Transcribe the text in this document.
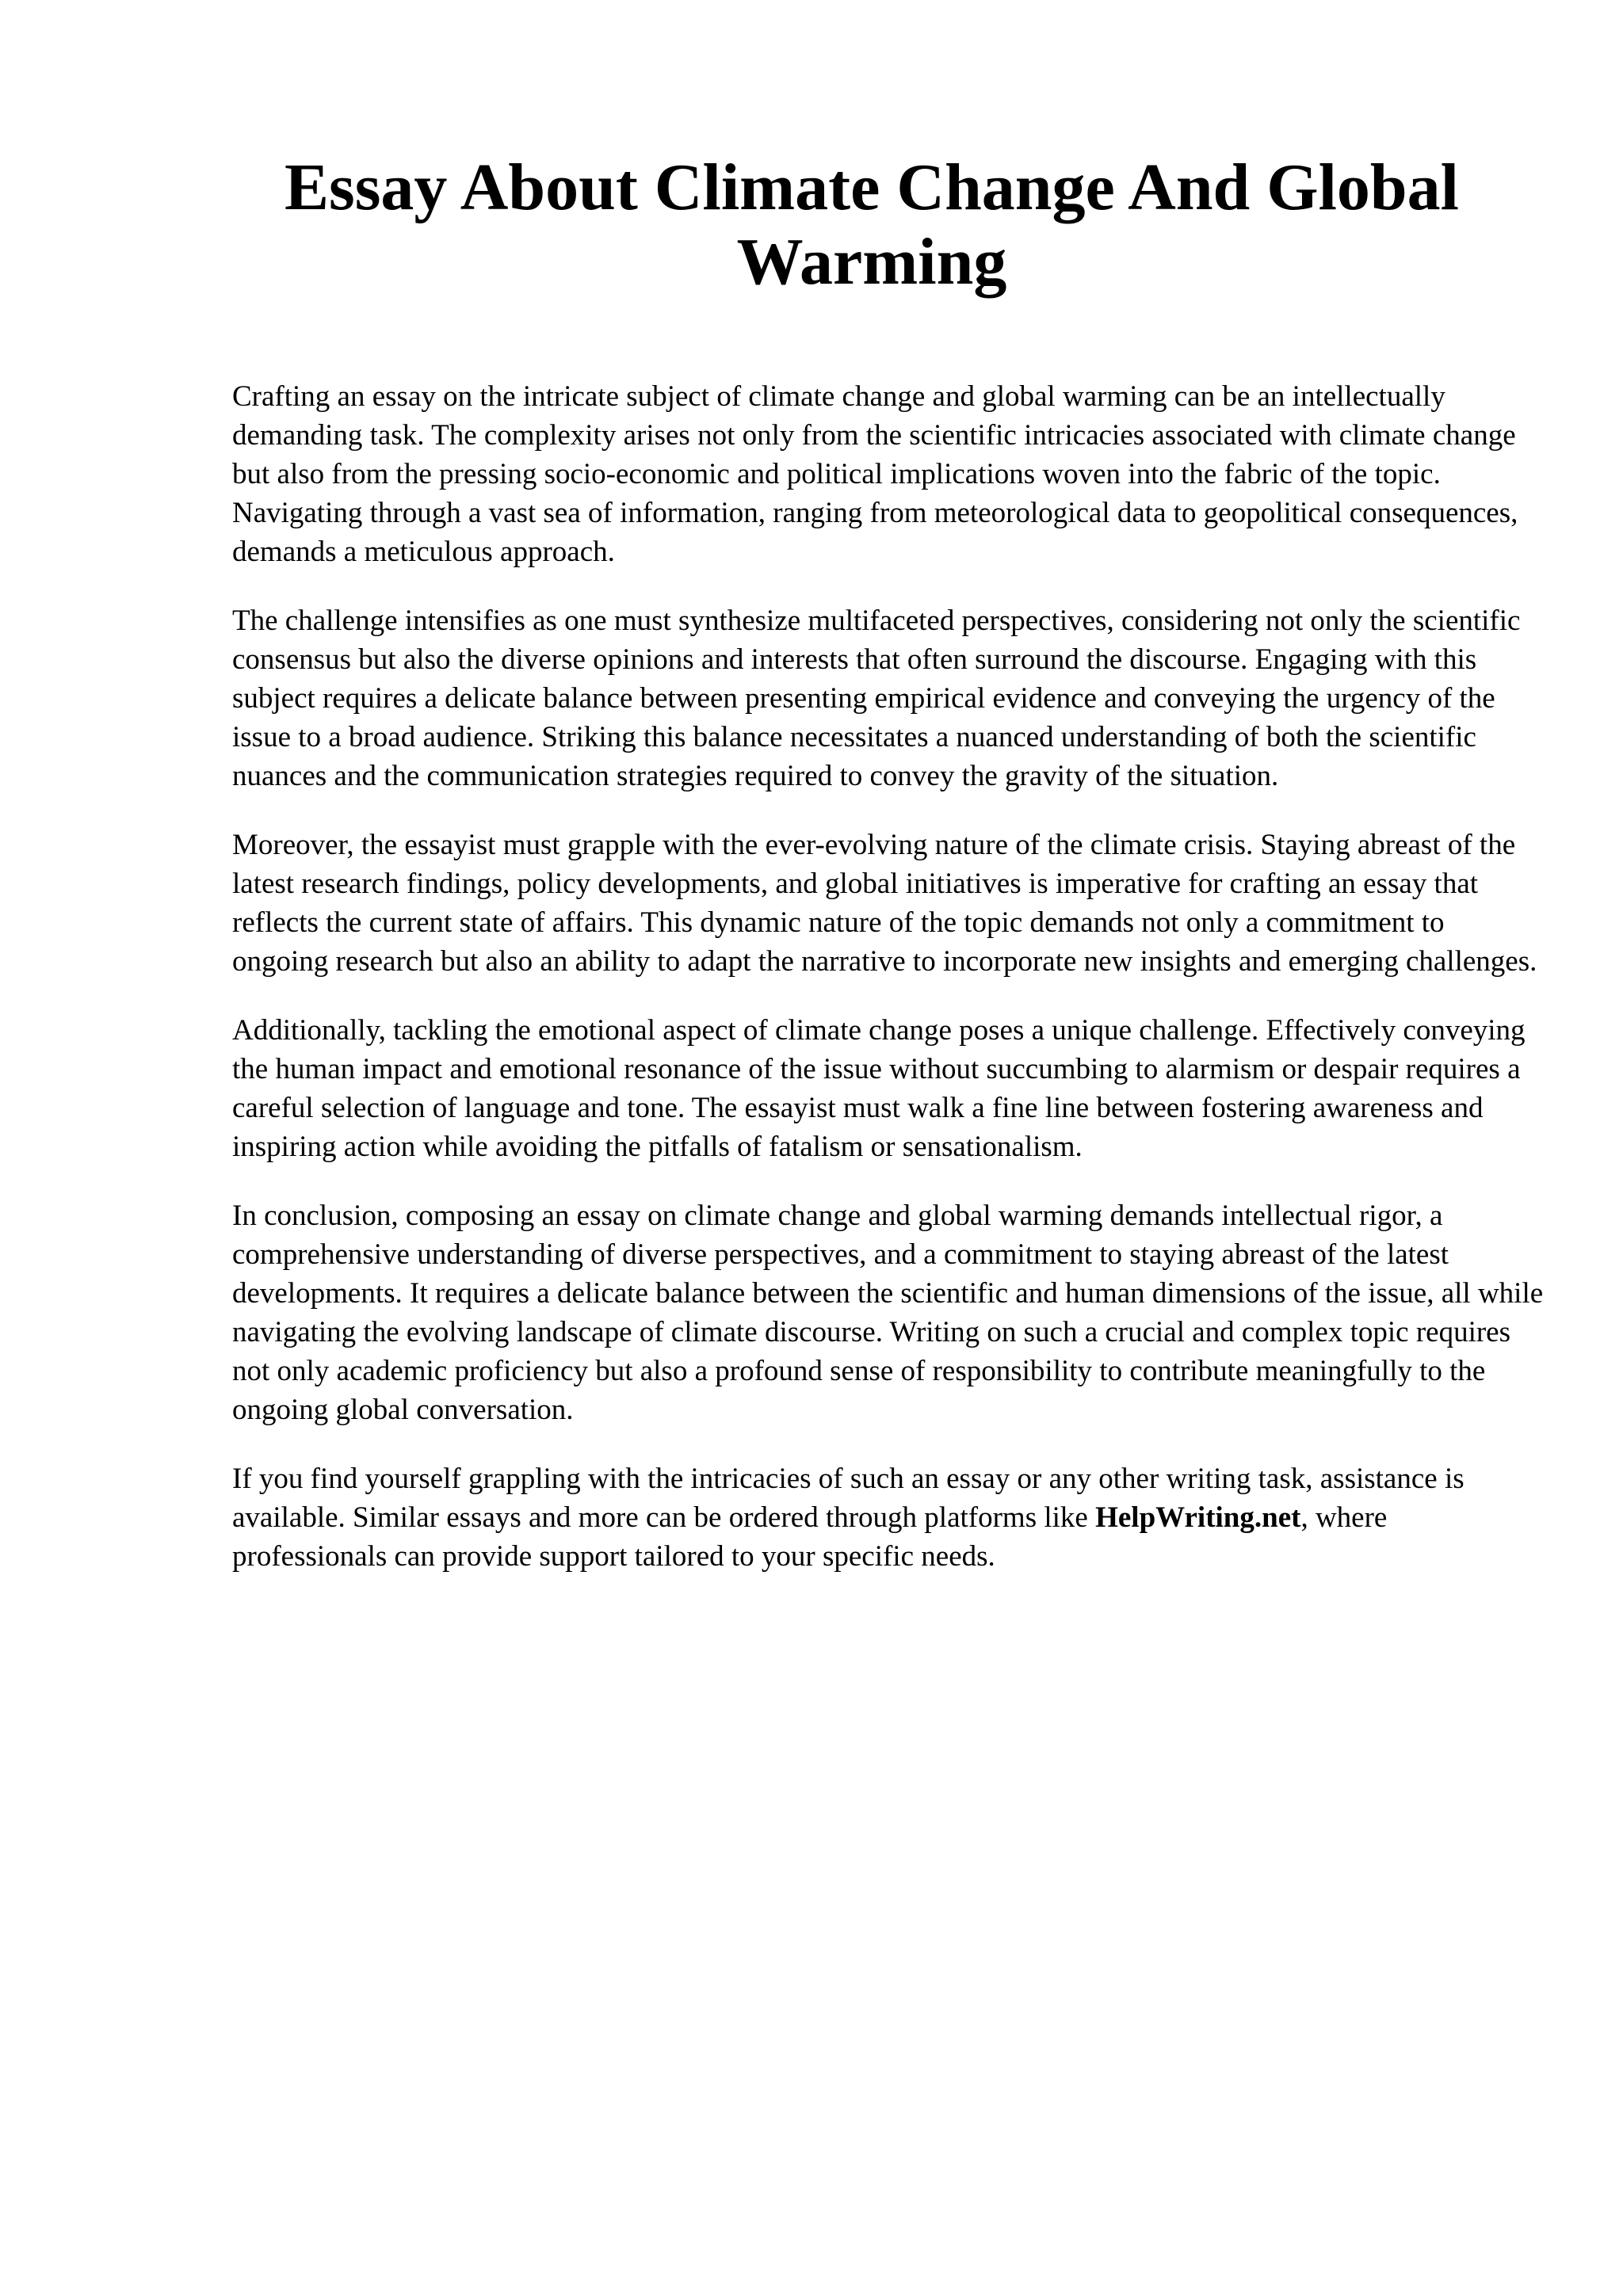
Essay About Climate Change And Global Warming

Crafting an essay on the intricate subject of climate change and global warming can be an intellectually demanding task. The complexity arises not only from the scientific intricacies associated with climate change but also from the pressing socio-economic and political implications woven into the fabric of the topic. Navigating through a vast sea of information, ranging from meteorological data to geopolitical consequences, demands a meticulous approach.

The challenge intensifies as one must synthesize multifaceted perspectives, considering not only the scientific consensus but also the diverse opinions and interests that often surround the discourse. Engaging with this subject requires a delicate balance between presenting empirical evidence and conveying the urgency of the issue to a broad audience. Striking this balance necessitates a nuanced understanding of both the scientific nuances and the communication strategies required to convey the gravity of the situation.

Moreover, the essayist must grapple with the ever-evolving nature of the climate crisis. Staying abreast of the latest research findings, policy developments, and global initiatives is imperative for crafting an essay that reflects the current state of affairs. This dynamic nature of the topic demands not only a commitment to ongoing research but also an ability to adapt the narrative to incorporate new insights and emerging challenges.

Additionally, tackling the emotional aspect of climate change poses a unique challenge. Effectively conveying the human impact and emotional resonance of the issue without succumbing to alarmism or despair requires a careful selection of language and tone. The essayist must walk a fine line between fostering awareness and inspiring action while avoiding the pitfalls of fatalism or sensationalism.

In conclusion, composing an essay on climate change and global warming demands intellectual rigor, a comprehensive understanding of diverse perspectives, and a commitment to staying abreast of the latest developments. It requires a delicate balance between the scientific and human dimensions of the issue, all while navigating the evolving landscape of climate discourse. Writing on such a crucial and complex topic requires not only academic proficiency but also a profound sense of responsibility to contribute meaningfully to the ongoing global conversation.

If you find yourself grappling with the intricacies of such an essay or any other writing task, assistance is available. Similar essays and more can be ordered through platforms like HelpWriting.net, where professionals can provide support tailored to your specific needs.
